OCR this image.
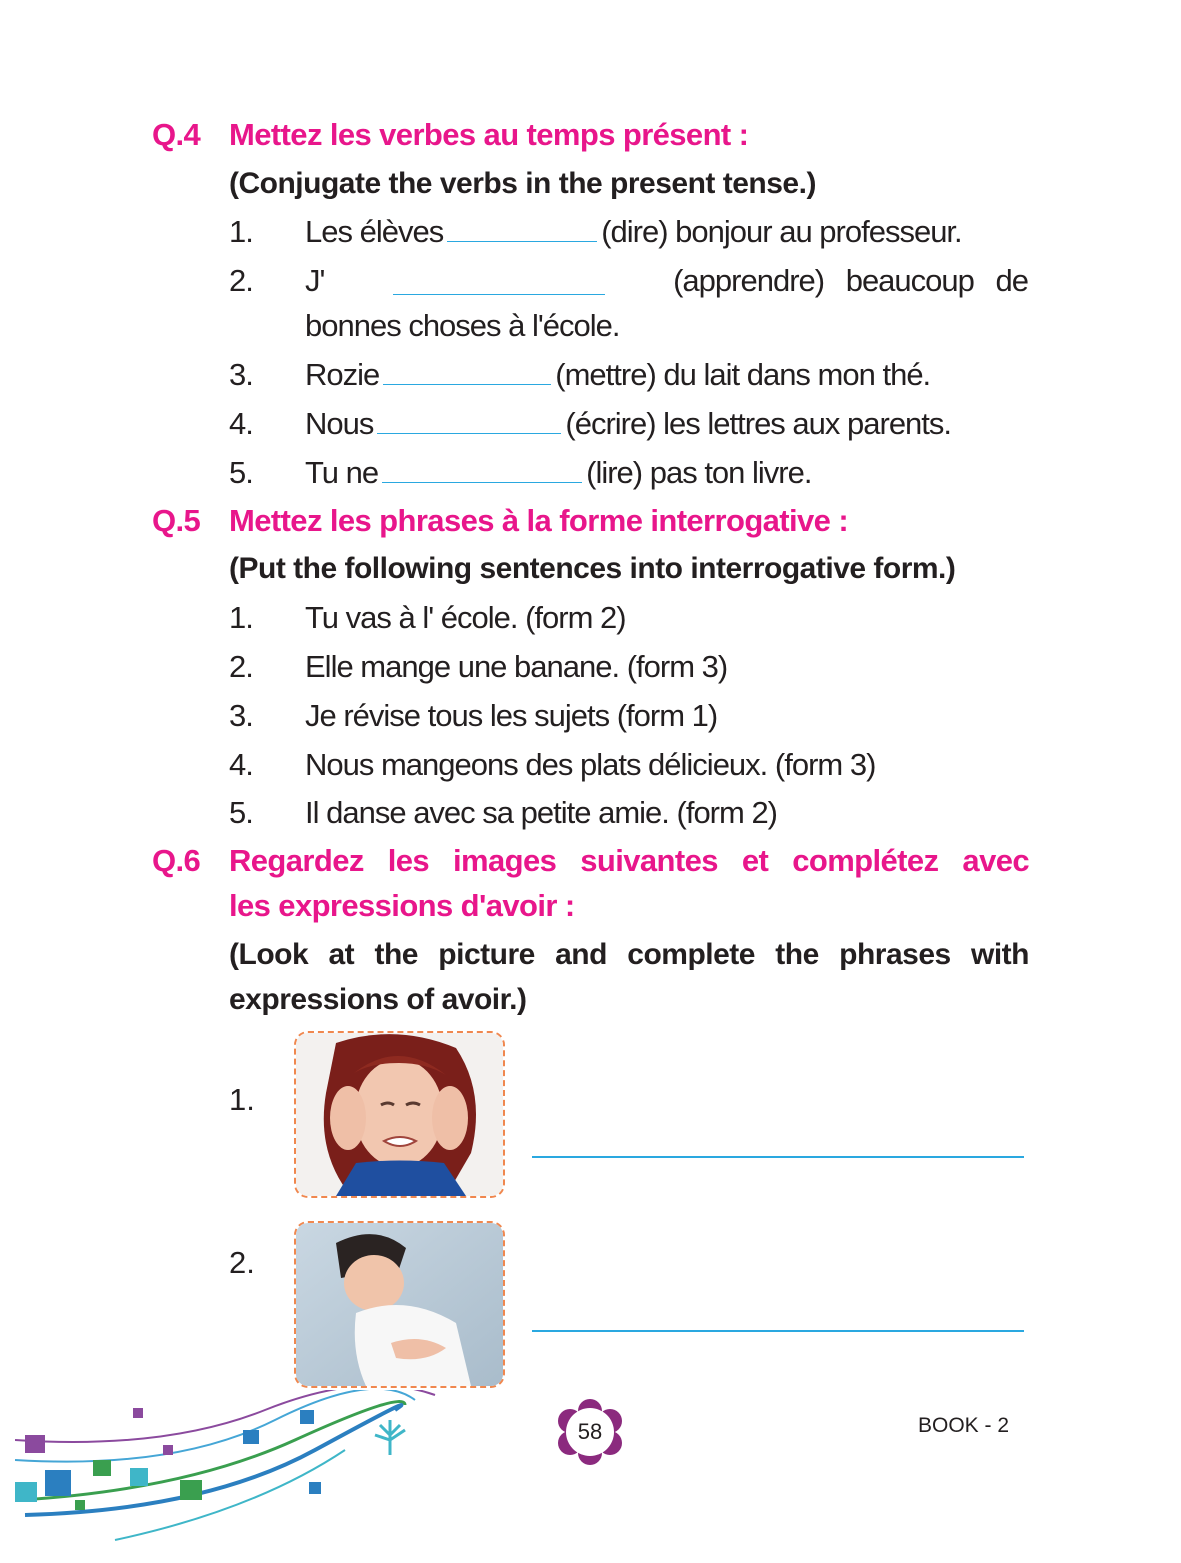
Q.4 Mettez les verbes au temps présent :
(Conjugate the verbs in the present tense.)
1. Les élèves	(dire) bonjour au professeur.
2. J'	(apprendre) beaucoup de
bonnes choses à l'école.
3. Rozie	(mettre) du lait dans mon thé.
4. Nous	(écrire) les lettres aux parents.
5. Tu ne	(lire) pas ton livre.
Q.5 Mettez les phrases à la forme interrogative :
(Put the following sentences into interrogative form.)
1. Tu vas à l' école. (form 2)
2. Elle mange une banane. (form 3)
3. Je révise tous les sujets (form 1)
4. Nous mangeons des plats délicieux. (form 3)
5. Il danse avec sa petite amie. (form 2)
Q.6 Regardez les images suivantes et complétez avec
les expressions d'avoir :
(Look at the picture and complete the phrases with
expressions of avoir.)
1.
2.
58	BOOK - 2
